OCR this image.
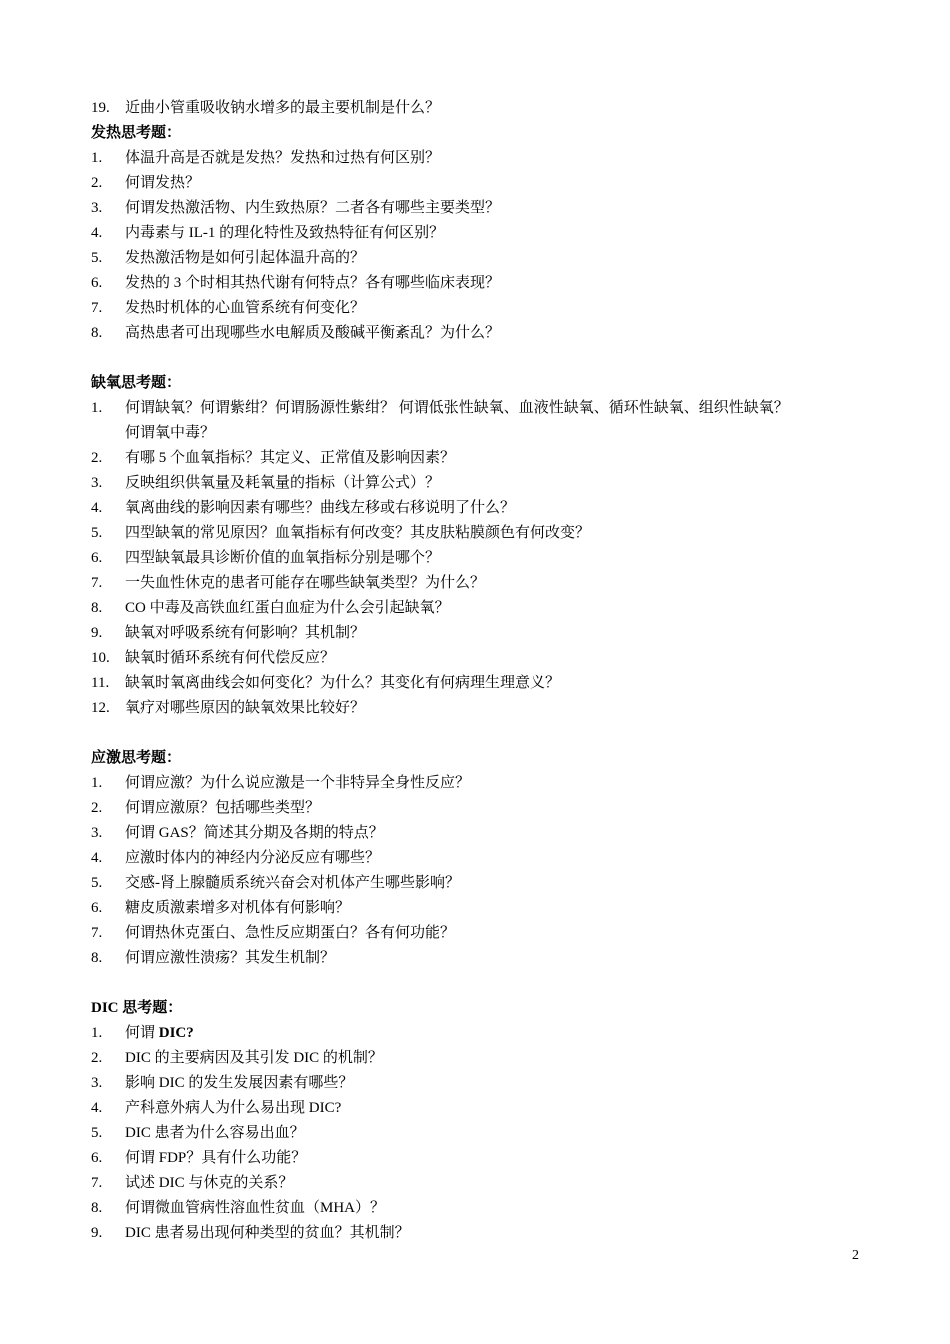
19. 近曲小管重吸收钠水增多的最主要机制是什么？
发热思考题：
1. 体温升高是否就是发热？发热和过热有何区别？
2. 何谓发热？
3. 何谓发热激活物、内生致热原？二者各有哪些主要类型？
4. 内毒素与 IL-1 的理化特性及致热特征有何区别？
5. 发热激活物是如何引起体温升高的？
6. 发热的 3 个时相其热代谢有何特点？各有哪些临床表现？
7. 发热时机体的心血管系统有何变化？
8. 高热患者可出现哪些水电解质及酸碱平衡紊乱？为什么？
缺氧思考题：
1. 何谓缺氧？何谓紫绀？何谓肠源性紫绀？ 何谓低张性缺氧、血液性缺氧、循环性缺氧、组织性缺氧？
何谓氧中毒？
2. 有哪 5 个血氧指标？其定义、正常值及影响因素？
3. 反映组织供氧量及耗氧量的指标（计算公式）？
4. 氧离曲线的影响因素有哪些？曲线左移或右移说明了什么？
5. 四型缺氧的常见原因？血氧指标有何改变？其皮肤粘膜颜色有何改变？
6. 四型缺氧最具诊断价值的血氧指标分别是哪个？
7. 一失血性休克的患者可能存在哪些缺氧类型？为什么？
8. CO 中毒及高铁血红蛋白血症为什么会引起缺氧？
9. 缺氧对呼吸系统有何影响？其机制？
10. 缺氧时循环系统有何代偿反应？
11. 缺氧时氧离曲线会如何变化？为什么？其变化有何病理生理意义？
12. 氧疗对哪些原因的缺氧效果比较好？
应激思考题：
1. 何谓应激？为什么说应激是一个非特异全身性反应？
2. 何谓应激原？包括哪些类型？
3. 何谓 GAS？简述其分期及各期的特点？
4. 应激时体内的神经内分泌反应有哪些？
5. 交感-肾上腺髓质系统兴奋会对机体产生哪些影响？
6. 糖皮质激素增多对机体有何影响？
7. 何谓热休克蛋白、急性反应期蛋白？各有何功能？
8. 何谓应激性溃疡？其发生机制？
DIC 思考题：
1. 何谓 DIC?
2. DIC 的主要病因及其引发 DIC 的机制？
3. 影响 DIC 的发生发展因素有哪些？
4. 产科意外病人为什么易出现 DIC?
5. DIC 患者为什么容易出血？
6. 何谓 FDP？具有什么功能？
7. 试述 DIC 与休克的关系？
8. 何谓微血管病性溶血性贫血（MHA）？
9. DIC 患者易出现何种类型的贫血？其机制？
2
